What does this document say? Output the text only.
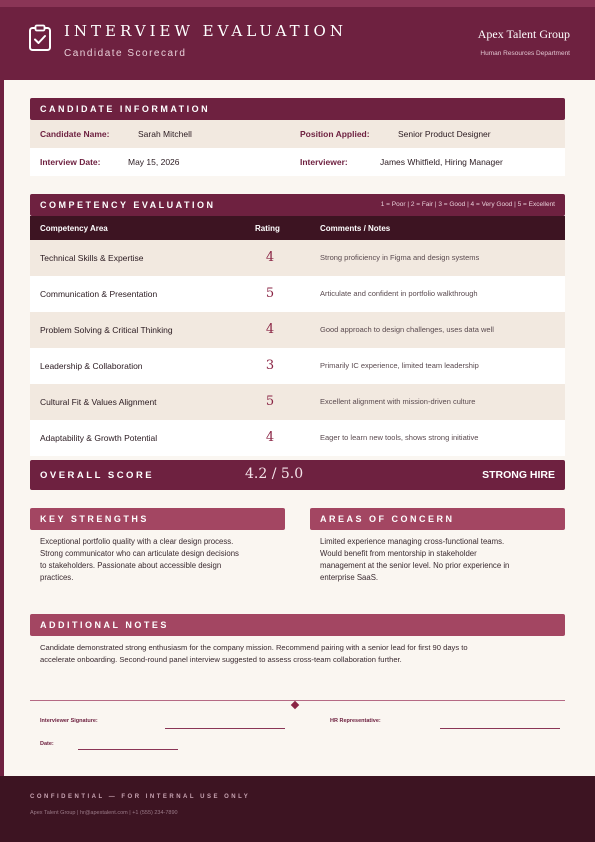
INTERVIEW EVALUATION
Candidate Scorecard
Apex Talent Group
Human Resources Department
CANDIDATE INFORMATION
Candidate Name:	Sarah Mitchell	Position Applied:	Senior Product Designer
Interview Date:	May 15, 2026	Interviewer:	James Whitfield, Hiring Manager
COMPETENCY EVALUATION	1 = Poor | 2 = Fair | 3 = Good | 4 = Very Good | 5 = Excellent
Competency Area	Rating	Comments / Notes
Technical Skills & Expertise	4	Strong proficiency in Figma and design systems
Communication & Presentation	5	Articulate and confident in portfolio walkthrough
Problem Solving & Critical Thinking	4	Good approach to design challenges, uses data well
Leadership & Collaboration	3	Primarily IC experience, limited team leadership
Cultural Fit & Values Alignment	5	Excellent alignment with mission-driven culture
Adaptability & Growth Potential	4	Eager to learn new tools, shows strong initiative
OVERALL SCORE	4.2 / 5.0	STRONG HIRE
KEY STRENGTHS
Exceptional portfolio quality with a clear design process.
Strong communicator who can articulate design decisions
to stakeholders. Passionate about accessible design
practices.
AREAS OF CONCERN
Limited experience managing cross-functional teams.
Would benefit from mentorship in stakeholder
management at the senior level. No prior experience in
enterprise SaaS.
ADDITIONAL NOTES
Candidate demonstrated strong enthusiasm for the company mission. Recommend pairing with a senior lead for first 90 days to
accelerate onboarding. Second-round panel interview suggested to assess cross-team collaboration further.
Interviewer Signature:	HR Representative:
Date:
CONFIDENTIAL — FOR INTERNAL USE ONLY
Apex Talent Group | hr@apextalent.com | +1 (555) 234-7890
